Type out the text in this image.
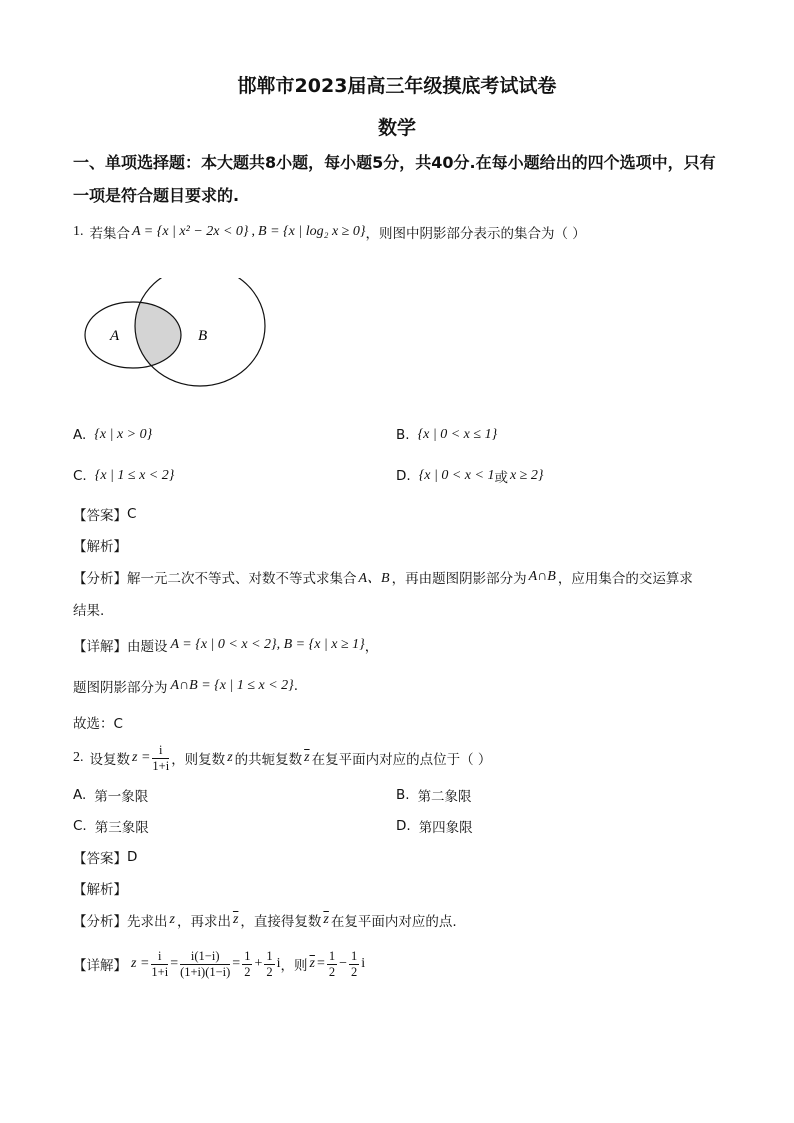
邯郸市2023届高三年级摸底考试试卷
数学
一、单项选择题：本大题共8小题，每小题5分，共40分.在每小题给出的四个选项中，只有
一项是符合题目要求的.
1. 若集合 A = {x | x² − 2x < 0} , B = {x | log₂ x ≥ 0} ，则图中阴影部分表示的集合为（ ）
A	B
A. {x | x > 0}	B. {x | 0 < x ≤ 1}
C. {x | 1 ≤ x < 2}	D. {x | 0 < x < 1 或 x ≥ 2}
【答案】 C
【解析】
【分析】 解一元二次不等式、对数不等式求集合 A、B ，再由题图阴影部分为 A∩B ，应用集合的交运算求
结果.
【详解】 由题设 A = {x | 0 < x < 2}, B = {x | x ≥ 1} ，
题图阴影部分为 A∩B = {x | 1 ≤ x < 2} .
故选：C
2. 设复数 $z = \frac{i}{1+i}$ ，则复数 z 的共轭复数 $\overline{z}$ 在复平面内对应的点位于（ ）
A. 第一象限	B. 第二象限
C. 第三象限	D. 第四象限
【答案】 D
【解析】
【分析】 先求出 z ，再求出 $\overline{z}$ ，直接得复数 $\overline{z}$ 在复平面内对应的点.
【详解】 $z = \frac{i}{1+i} = \frac{i(1-i)}{(1+i)(1-i)} = \frac{1}{2} + \frac{1}{2}$ i ，则 $\overline{z} = \frac{1}{2} - \frac{1}{2}$ i
